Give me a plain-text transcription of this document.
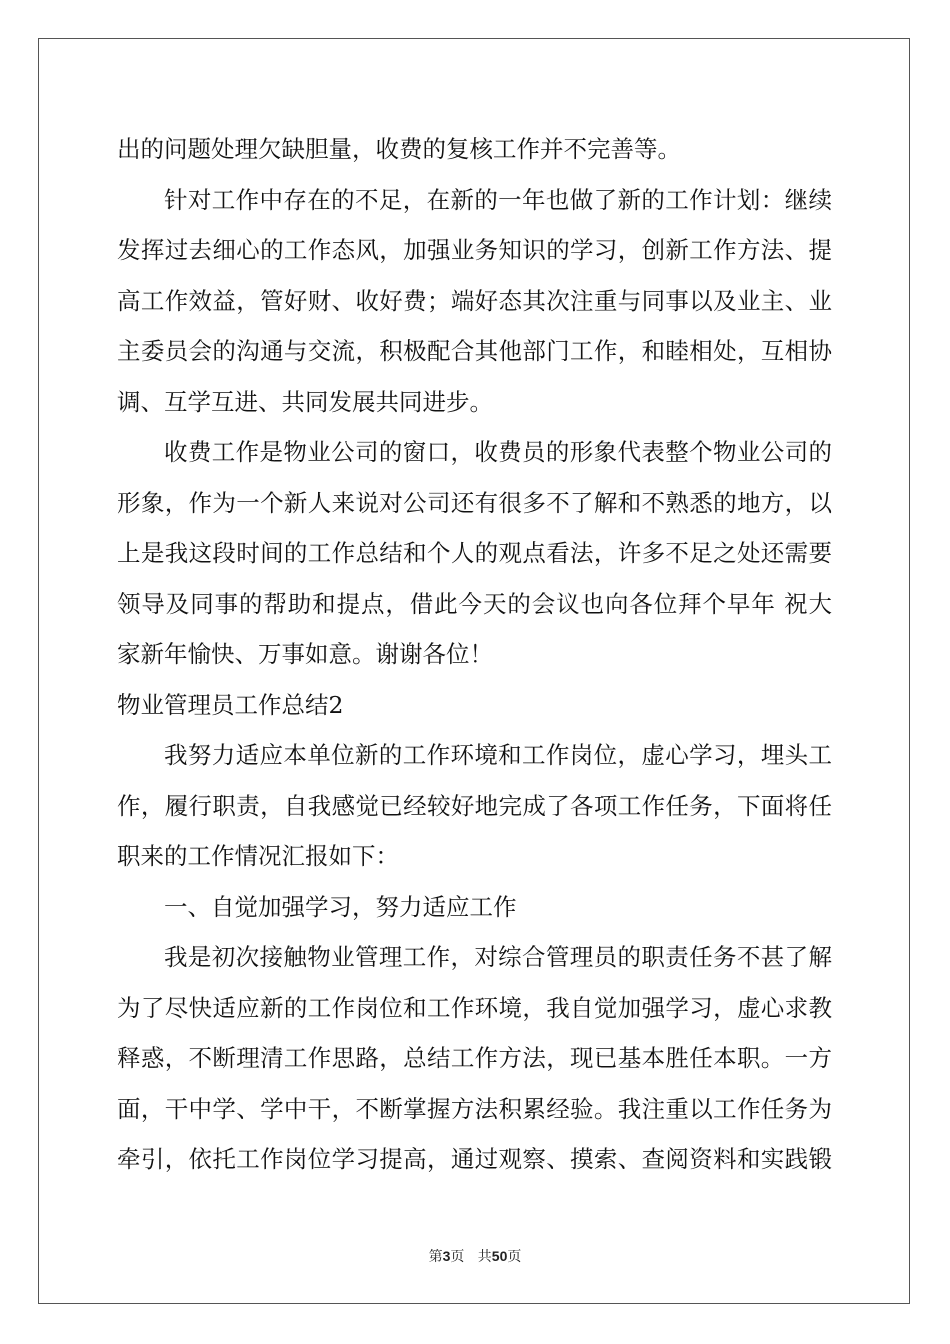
出的问题处理欠缺胆量，收费的复核工作并不完善等。
针对工作中存在的不足，在新的一年也做了新的工作计划：继续
发挥过去细心的工作态风，加强业务知识的学习，创新工作方法、提
高工作效益，管好财、收好费；端好态其次注重与同事以及业主、业
主委员会的沟通与交流，积极配合其他部门工作，和睦相处，互相协
调、互学互进、共同发展共同进步。
收费工作是物业公司的窗口，收费员的形象代表整个物业公司的
形象，作为一个新人来说对公司还有很多不了解和不熟悉的地方，以
上是我这段时间的工作总结和个人的观点看法，许多不足之处还需要
领导及同事的帮助和提点，借此今天的会议也向各位拜个早年 祝大
家新年愉快、万事如意。谢谢各位！
物业管理员工作总结2
我努力适应本单位新的工作环境和工作岗位，虚心学习，埋头工
作，履行职责，自我感觉已经较好地完成了各项工作任务，下面将任
职来的工作情况汇报如下：
一、自觉加强学习，努力适应工作
我是初次接触物业管理工作，对综合管理员的职责任务不甚了解
为了尽快适应新的工作岗位和工作环境，我自觉加强学习，虚心求教
释惑，不断理清工作思路，总结工作方法，现已基本胜任本职。一方
面，干中学、学中干，不断掌握方法积累经验。我注重以工作任务为
牵引，依托工作岗位学习提高，通过观察、摸索、查阅资料和实践锻
第3页   共50页
